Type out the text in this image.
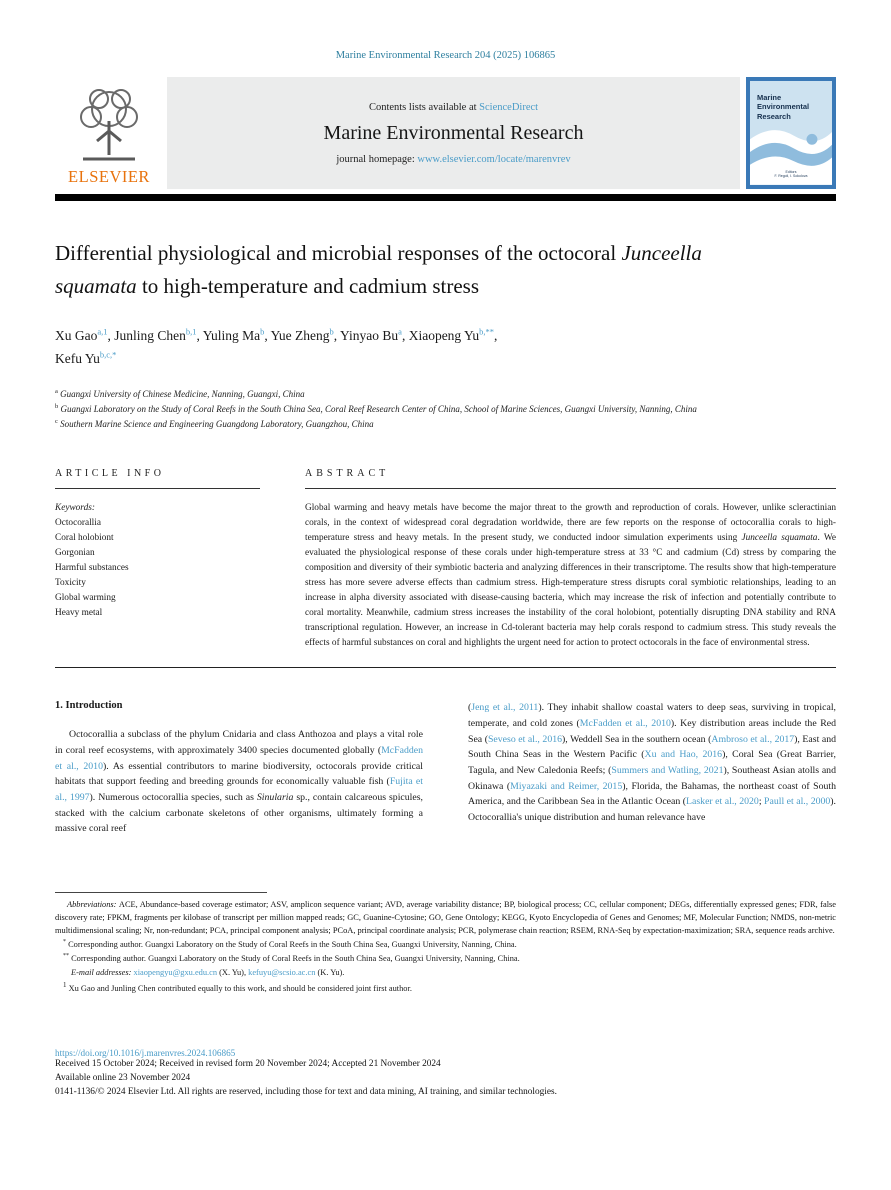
Marine Environmental Research 204 (2025) 106865
ELSEVIER
Contents lists available at ScienceDirect
Marine Environmental Research
journal homepage: www.elsevier.com/locate/marenvrev
Marine Environmental Research
Editors
F. Regoli, I. Sokolova
Differential physiological and microbial responses of the octocoral Junceella squamata to high-temperature and cadmium stress
Xu Gao$^{a,1}$, Junling Chen$^{b,1}$, Yuling Ma$^b$, Yue Zheng$^b$, Yinyao Bu$^a$, Xiaopeng $Yu^{b,**}$,
Kefu $Yu^{b,c,*}$
$^a$ Guangxi University of Chinese Medicine, Nanning, Guangxi, China
$^b$ Guangxi Laboratory on the Study of Coral Reefs in the South China Sea, Coral Reef Research Center of China, School of Marine Sciences, Guangxi University, Nanning, China
$^c$ Southern Marine Science and Engineering Guangdong Laboratory, Guangzhou, China
ARTICLE INFO
Keywords:
Octocorallia
Coral holobiont
Gorgonian
Harmful substances
Toxicity
Global warming
Heavy metal
ABSTRACT
Global warming and heavy metals have become the major threat to the growth and reproduction of corals. However, unlike scleractinian corals, in the context of widespread coral degradation worldwide, there are few reports on the response of octocorallia corals to high-temperature stress and heavy metals. In the present study, we conducted indoor simulation experiments using Junceella squamata. We evaluated the physiological response of these corals under high-temperature stress at 33 °C and cadmium (Cd) stress by comparing the composition and diversity of their symbiotic bacteria and analyzing differences in their transcriptome. The results show that high-temperature stress has more severe adverse effects than cadmium stress. High-temperature stress disrupts coral symbiotic relationships, leading to an increase in alpha diversity associated with disease-causing bacteria, which may increase the risk of infection and potentially contribute to coral mortality. Meanwhile, cadmium stress increases the instability of the coral holobiont, potentially disrupting DNA stability and RNA transcriptional regulation. However, an increase in Cd-tolerant bacteria may help corals respond to cadmium stress. This study reveals the effects of harmful substances on coral and highlights the urgent need for action to protect octocorals in the face of environmental stress.
1. Introduction
Octocorallia a subclass of the phylum Cnidaria and class Anthozoa and plays a vital role in coral reef ecosystems, with approximately 3400 species documented globally (McFadden et al., 2010). As essential contributors to marine biodiversity, octocorals provide critical habitats that support feeding and breeding grounds for economically valuable fish (Fujita et al., 1997). Numerous octocorallia species, such as Sinularia sp., contain calcareous spicules, stacked with the calcium carbonate skeletons of other organisms, ultimately forming a massive coral reef
(Jeng et al., 2011). They inhabit shallow coastal waters to deep seas, surviving in tropical, temperate, and cold zones (McFadden et al., 2010). Key distribution areas include the Red Sea (Seveso et al., 2016), Weddell Sea in the southern ocean (Ambroso et al., 2017), East and South China Seas in the Western Pacific (Xu and Hao, 2016), Coral Sea (Great Barrier, Tagula, and New Caledonia Reefs; (Summers and Watling, 2021), Southeast Asian atolls and Okinawa (Miyazaki and Reimer, 2015), Florida, the Bahamas, the northeast coast of South America, and the Caribbean Sea in the Atlantic Ocean (Lasker et al., 2020; Paull et al., 2000). Octocorallia's unique distribution and human relevance have
Abbreviations: ACE, Abundance-based coverage estimator; ASV, amplicon sequence variant; AVD, average variability distance; BP, biological process; CC, cellular component; DEGs, differentially expressed genes; FDR, false discovery rate; FPKM, fragments per kilobase of transcript per million mapped reads; GC, Guanine-Cytosine; GO, Gene Ontology; KEGG, Kyoto Encyclopedia of Genes and Genomes; MF, Molecular Function; NMDS, non-metric multidimensional scaling; Nr, non-redundant; PCA, principal component analysis; PCoA, principal coordinate analysis; PCR, polymerase chain reaction; RSEM, RNA-Seq by expectation-maximization; SRA, sequence reads archive.
* Corresponding author. Guangxi Laboratory on the Study of Coral Reefs in the South China Sea, Guangxi University, Nanning, China.
** Corresponding author. Guangxi Laboratory on the Study of Coral Reefs in the South China Sea, Guangxi University, Nanning, China.
E-mail addresses: xiaopengyu@gxu.edu.cn (X. Yu), kefuyu@scsio.ac.cn (K. Yu).
$^1$ Xu Gao and Junling Chen contributed equally to this work, and should be considered joint first author.
https://doi.org/10.1016/j.marenvres.2024.106865
Received 15 October 2024; Received in revised form 20 November 2024; Accepted 21 November 2024
Available online 23 November 2024
0141-1136/© 2024 Elsevier Ltd. All rights are reserved, including those for text and data mining, AI training, and similar technologies.
